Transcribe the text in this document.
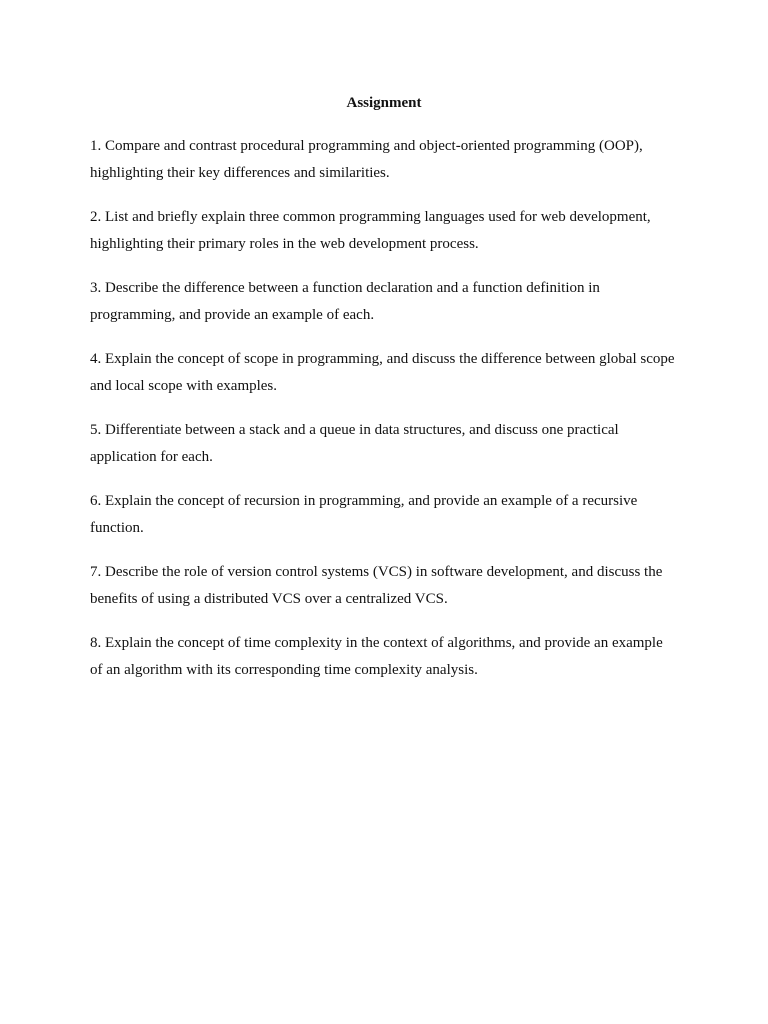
Assignment

1. Compare and contrast procedural programming and object-oriented programming (OOP),
highlighting their key differences and similarities.

2. List and briefly explain three common programming languages used for web development,
highlighting their primary roles in the web development process.

3. Describe the difference between a function declaration and a function definition in
programming, and provide an example of each.

4. Explain the concept of scope in programming, and discuss the difference between global scope
and local scope with examples.

5. Differentiate between a stack and a queue in data structures, and discuss one practical
application for each.

6. Explain the concept of recursion in programming, and provide an example of a recursive
function.

7. Describe the role of version control systems (VCS) in software development, and discuss the
benefits of using a distributed VCS over a centralized VCS.

8. Explain the concept of time complexity in the context of algorithms, and provide an example
of an algorithm with its corresponding time complexity analysis.
